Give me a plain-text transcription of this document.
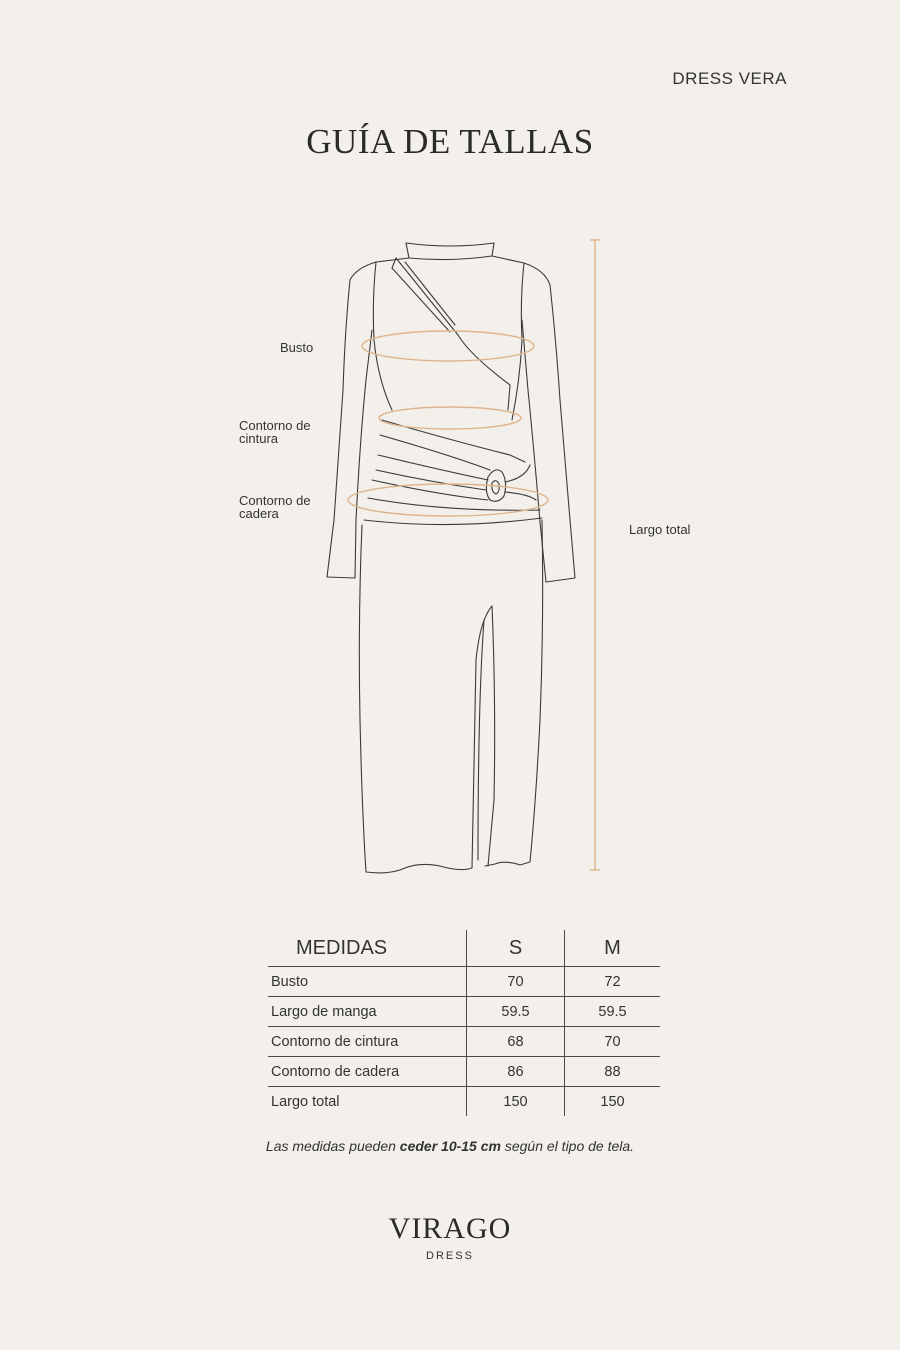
DRESS VERA
GUÍA DE TALLAS
Busto
Contorno de
cintura
Contorno de
cadera
Largo total
MEDIDAS	S	M
Busto	70	72
Largo de manga	59.5	59.5
Contorno de cintura	68	70
Contorno de cadera	86	88
Largo total	150	150
Las medidas pueden ceder 10-15 cm según el tipo de tela.
VIRAGO
DRESS
